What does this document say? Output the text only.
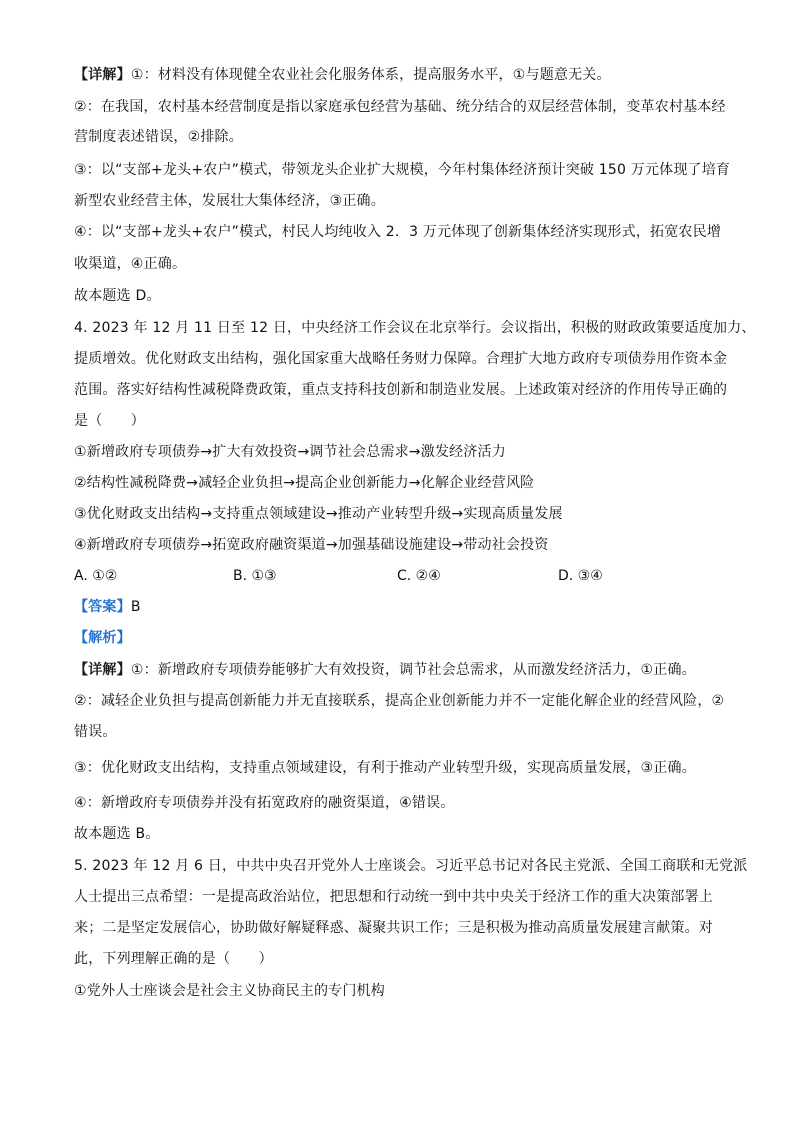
【详解】①：材料没有体现健全农业社会化服务体系，提高服务水平，①与题意无关。
②：在我国，农村基本经营制度是指以家庭承包经营为基础、统分结合的双层经营体制，变革农村基本经
营制度表述错误，②排除。
③：以“支部+龙头+农户”模式，带领龙头企业扩大规模，今年村集体经济预计突破 150 万元体现了培育
新型农业经营主体，发展壮大集体经济，③正确。
④：以“支部+龙头+农户”模式，村民人均纯收入 2．3 万元体现了创新集体经济实现形式，拓宽农民增
收渠道，④正确。
故本题选 D。
4. 2023 年 12 月 11 日至 12 日，中央经济工作会议在北京举行。会议指出，积极的财政政策要适度加力、
提质增效。优化财政支出结构，强化国家重大战略任务财力保障。合理扩大地方政府专项债券用作资本金
范围。落实好结构性减税降费政策，重点支持科技创新和制造业发展。上述政策对经济的作用传导正确的
是（　　）
①新增政府专项债券→扩大有效投资→调节社会总需求→激发经济活力
②结构性减税降费→减轻企业负担→提高企业创新能力→化解企业经营风险
③优化财政支出结构→支持重点领域建设→推动产业转型升级→实现高质量发展
④新增政府专项债券→拓宽政府融资渠道→加强基础设施建设→带动社会投资
A. ①②	B. ①③	C. ②④	D. ③④
【答案】B
【解析】
【详解】①：新增政府专项债券能够扩大有效投资，调节社会总需求，从而激发经济活力，①正确。
②：减轻企业负担与提高创新能力并无直接联系，提高企业创新能力并不一定能化解企业的经营风险，②
错误。
③：优化财政支出结构，支持重点领域建设，有利于推动产业转型升级，实现高质量发展，③正确。
④：新增政府专项债券并没有拓宽政府的融资渠道，④错误。
故本题选 B。
5. 2023 年 12 月 6 日，中共中央召开党外人士座谈会。习近平总书记对各民主党派、全国工商联和无党派
人士提出三点希望：一是提高政治站位，把思想和行动统一到中共中央关于经济工作的重大决策部署上
来；二是坚定发展信心，协助做好解疑释惑、凝聚共识工作；三是积极为推动高质量发展建言献策。对
此，下列理解正确的是（　　）
①党外人士座谈会是社会主义协商民主的专门机构
